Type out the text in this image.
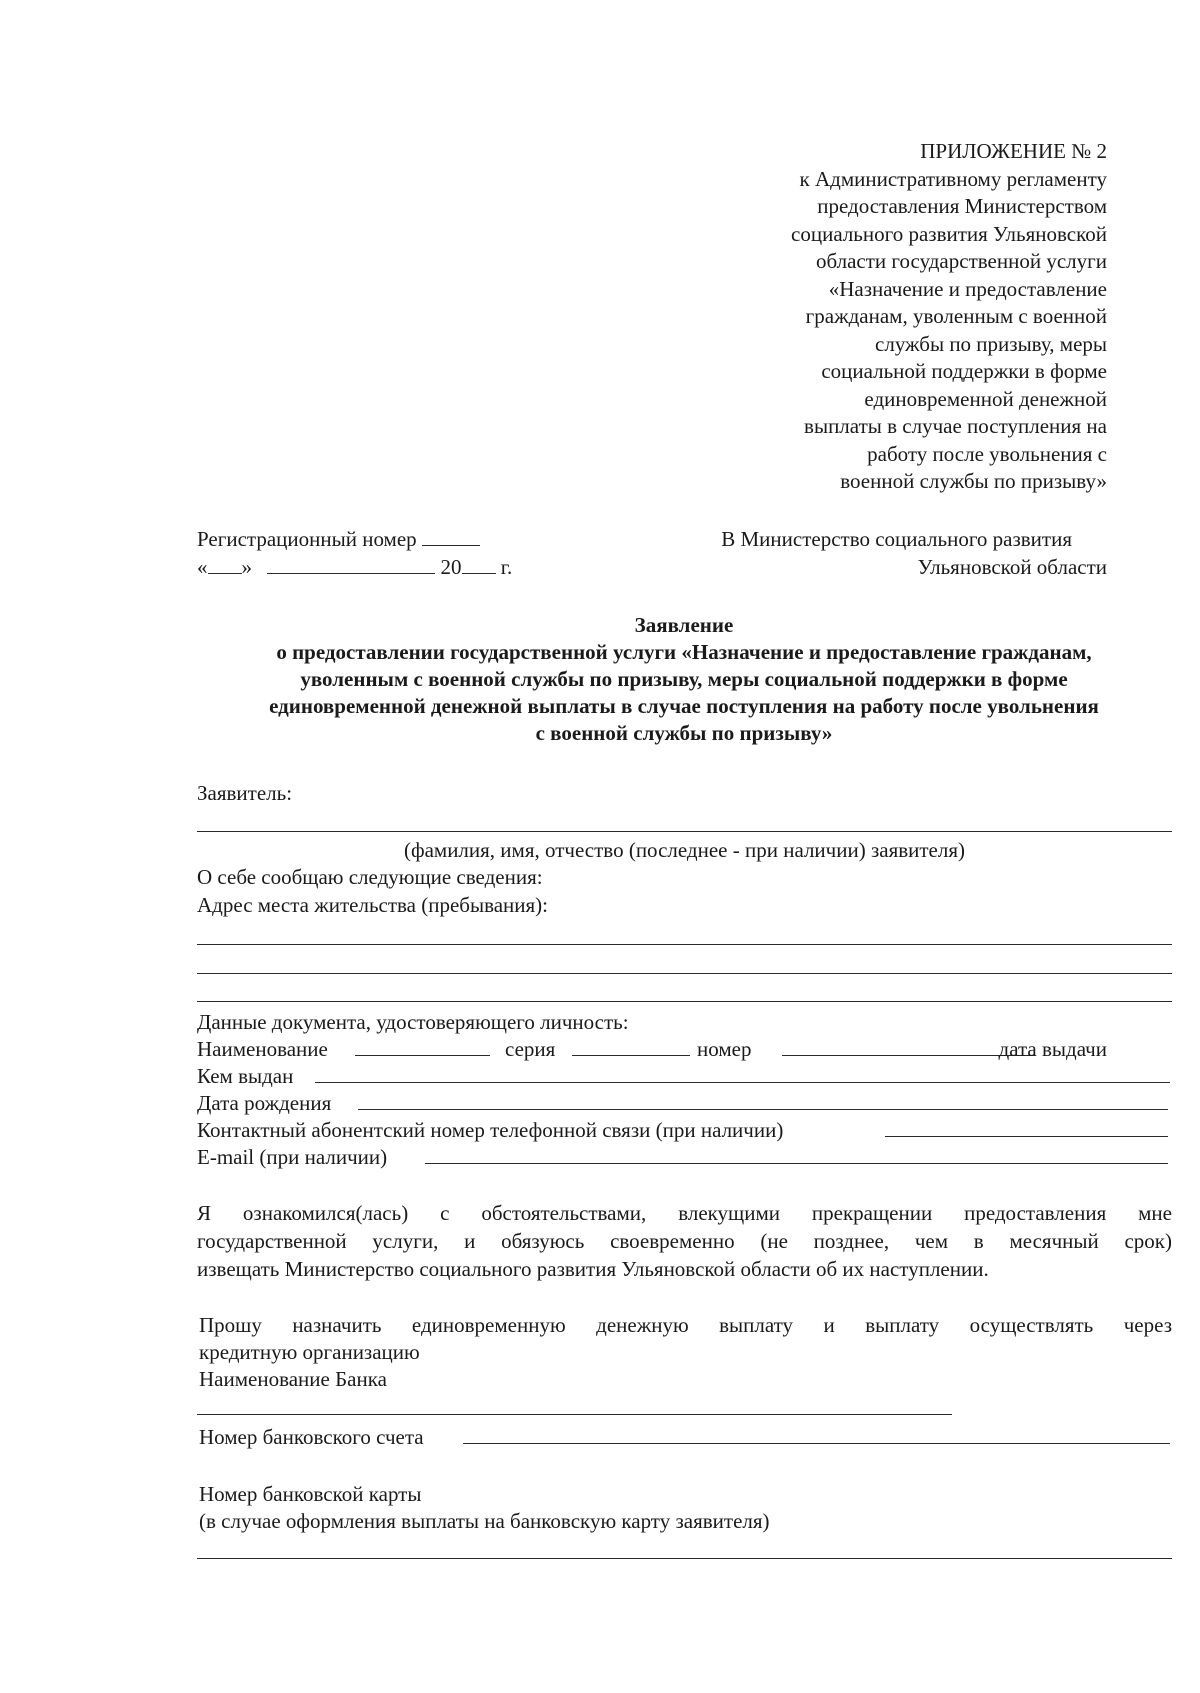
ПРИЛОЖЕНИЕ № 2
к Административному регламенту
предоставления Министерством
социального развития Ульяновской
области государственной услуги
«Назначение и предоставление
гражданам, уволенным с военной
службы по призыву, меры
социальной поддержки в форме
единовременной денежной
выплаты в случае поступления на
работу после увольнения с
военной службы по призыву»
Регистрационный номер
« »	20 г.
В Министерство социального развития
Ульяновской области
Заявление
о предоставлении государственной услуги «Назначение и предоставление гражданам,
уволенным с военной службы по призыву, меры социальной поддержки в форме
единовременной денежной выплаты в случае поступления на работу после увольнения
с военной службы по призыву»
Заявитель:
(фамилия, имя, отчество (последнее - при наличии) заявителя)
О себе сообщаю следующие сведения:
Адрес места жительства (пребывания):
Данные документа, удостоверяющего личность:
Наименование	серия	номер	дата выдачи
Кем выдан
Дата рождения
Контактный абонентский номер телефонной связи (при наличии)
E-mail (при наличии)
Я ознакомился(лась) с обстоятельствами, влекущими прекращении предоставления мне
государственной услуги, и обязуюсь своевременно (не позднее, чем в месячный срок)
извещать Министерство социального развития Ульяновской области об их наступлении.
Прошу назначить единовременную денежную выплату и выплату осуществлять через
кредитную организацию
Наименование Банка
Номер банковского счета
Номер банковской карты
(в случае оформления выплаты на банковскую карту заявителя)
